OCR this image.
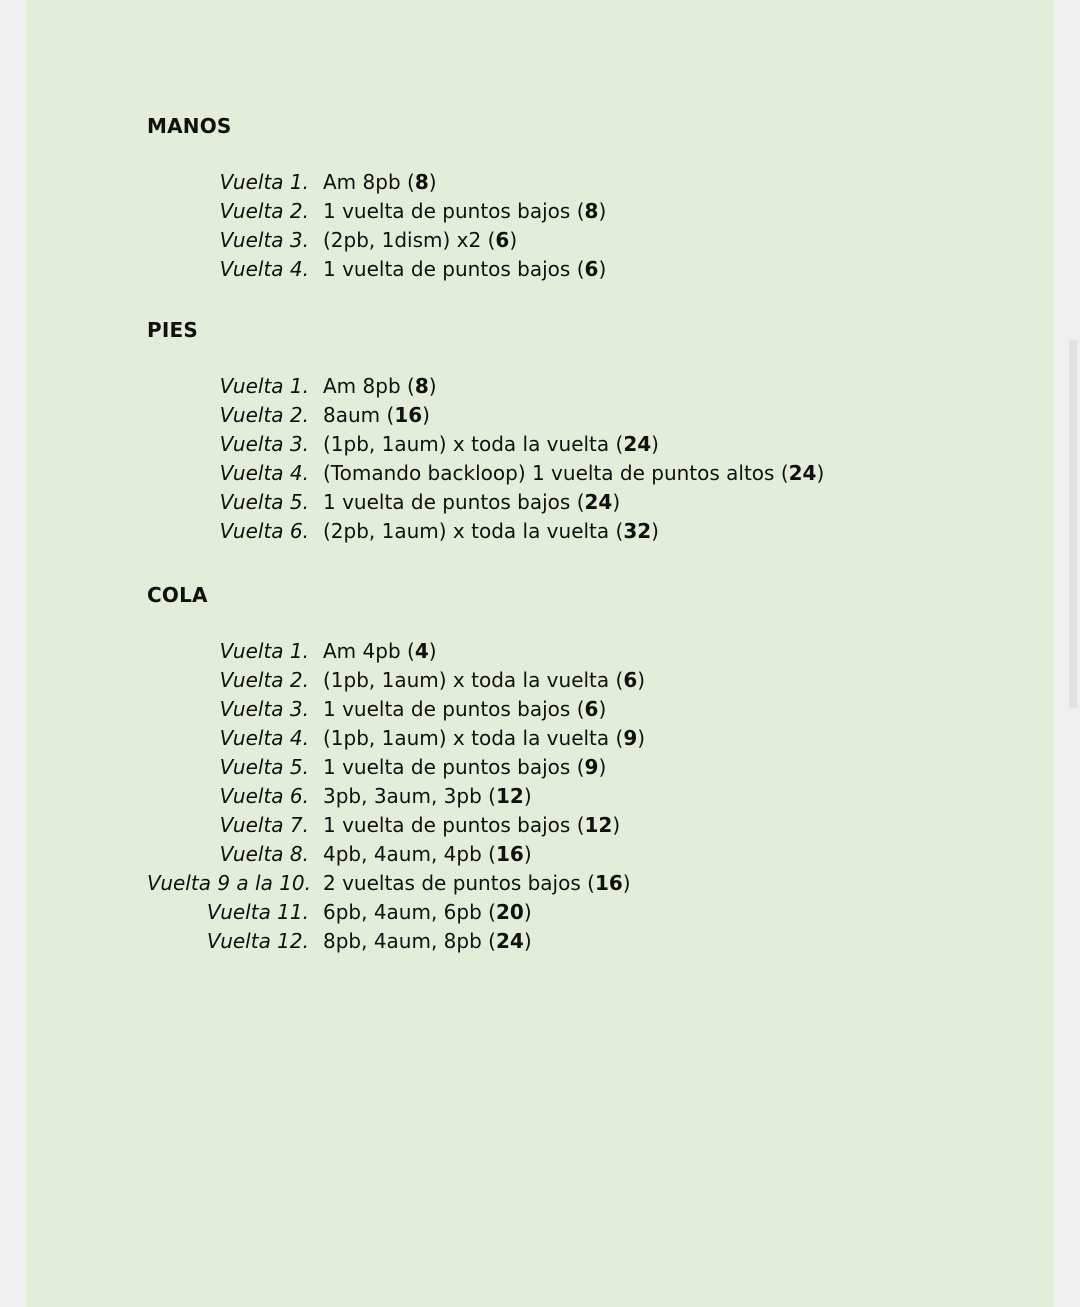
MANOS
Vuelta 1. Am 8pb (8)
Vuelta 2. 1 vuelta de puntos bajos (8)
Vuelta 3. (2pb, 1dism) x2 (6)
Vuelta 4. 1 vuelta de puntos bajos (6)
PIES
Vuelta 1. Am 8pb (8)
Vuelta 2. 8aum (16)
Vuelta 3. (1pb, 1aum) x toda la vuelta (24)
Vuelta 4. (Tomando backloop) 1 vuelta de puntos altos (24)
Vuelta 5. 1 vuelta de puntos bajos (24)
Vuelta 6. (2pb, 1aum) x toda la vuelta (32)
COLA
Vuelta 1. Am 4pb (4)
Vuelta 2. (1pb, 1aum) x toda la vuelta (6)
Vuelta 3. 1 vuelta de puntos bajos (6)
Vuelta 4. (1pb, 1aum) x toda la vuelta (9)
Vuelta 5. 1 vuelta de puntos bajos (9)
Vuelta 6. 3pb, 3aum, 3pb (12)
Vuelta 7. 1 vuelta de puntos bajos (12)
Vuelta 8. 4pb, 4aum, 4pb (16)
Vuelta 9 a la 10. 2 vueltas de puntos bajos (16)
Vuelta 11. 6pb, 4aum, 6pb (20)
Vuelta 12. 8pb, 4aum, 8pb (24)
